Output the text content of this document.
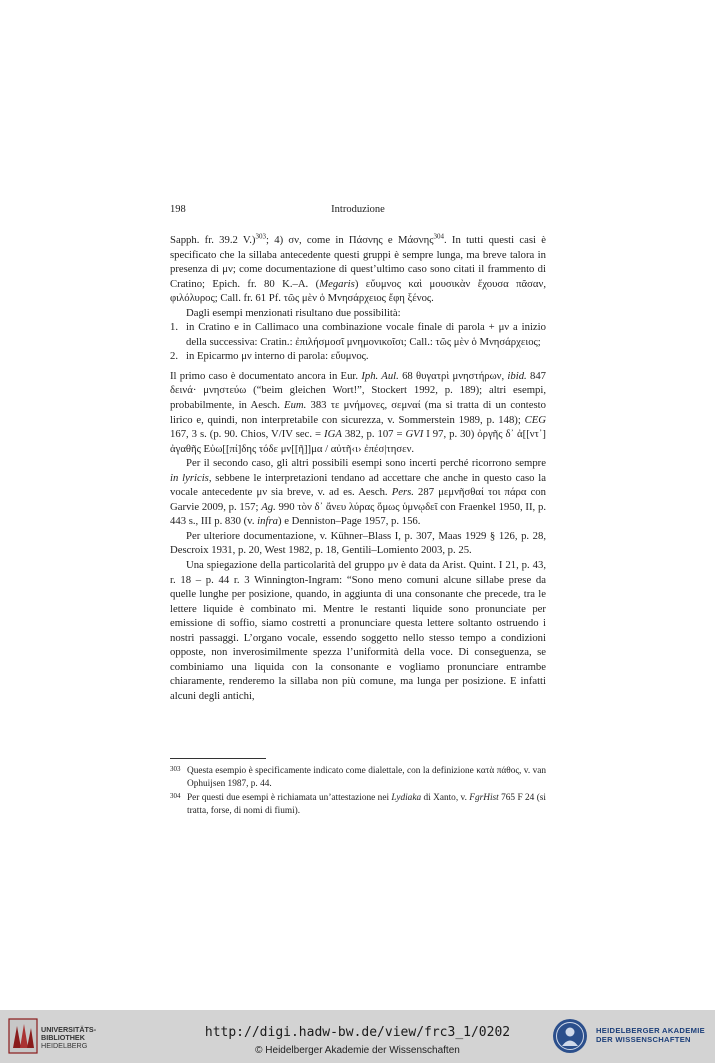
198	Introduzione

Sapph. fr. 39.2 V.)$^{303}$; 4) σν, come in Πάσνης e Μάσνης$^{304}$. In tutti questi casi è specificato che la sillaba antecedente questi gruppi è sempre lunga, ma breve talora in presenza di μν; come documentazione di quest’ultimo caso sono citati il frammento di Cratino; Epich. fr. 80 K.–A. (Megaris) εὔυμνος καὶ μουσικὰν ἔχουσα πᾶσαν, φιλόλυρος; Call. fr. 61 Pf. τῶς μὲν ὁ Μνησάρχειος ἔφη ξένος.

Dagli esempi menzionati risultano due possibilità:

1. in Cratino e in Callimaco una combinazione vocale finale di parola + μν a inizio della successiva: Cratin.: ἐπιλήσμοσῖ μνημονικοῖσι; Call.: τῶς μὲν ὁ Μνησάρχειος;
2. in Epicarmo μν interno di parola: εὔυμνος.

Il primo caso è documentato ancora in Eur. Iph. Aul. 68 θυγατρὶ μνηστήρων, ibid. 847 δεινά· μνηστεύω (“beim gleichen Wort!”, Stockert 1992, p. 189); altri esempi, probabilmente, in Aesch. Eum. 383 τε μνήμονες, σεμναί (ma si tratta di un contesto lirico e, quindi, non interpretabile con sicurezza, v. Sommerstein 1989, p. 148); CEG 167, 3 s. (p. 90. Chios, V/IV sec. = IGA 382, p. 107 = GVI I 97, p. 30) ὀργῆς δ᾽ ἀ[[ντ᾽] ἀγαθῆς Εὐω[[πί]δης τόδε μν[[ῆ]]μα / αὐτῆ‹ι› ἐπέσ|τησεν.

Per il secondo caso, gli altri possibili esempi sono incerti perché ricorrono sempre in lyricis, sebbene le interpretazioni tendano ad accettare che anche in questo caso la vocale antecedente μν sia breve, v. ad es. Aesch. Pers. 287 μεμνῆσθαί τοι πάρα con Garvie 2009, p. 157; Ag. 990 τὸν δ᾽ ἄνευ λύρας ὅμως ὑμνῳδεῖ con Fraenkel 1950, II, p. 443 s., III p. 830 (v. infra) e Denniston–Page 1957, p. 156.

Per ulteriore documentazione, v. Kühner–Blass I, p. 307, Maas 1929 § 126, p. 28, Descroix 1931, p. 20, West 1982, p. 18, Gentili–Lomiento 2003, p. 25.

Una spiegazione della particolarità del gruppo μν è data da Arist. Quint. I 21, p. 43, r. 18 – p. 44 r. 3 Winnington-Ingram: “Sono meno comuni alcune sillabe prese da quelle lunghe per posizione, quando, in aggiunta di una consonante che precede, tra le lettere liquide è combinato mi. Mentre le restanti liquide sono pronunciate per emissione di soffio, siamo costretti a pronunciare questa lettere soltanto ostruendo i nostri passaggi. L’organo vocale, essendo soggetto nello stesso tempo a condizioni opposte, non inverosimilmente spezza l’uniformità della voce. Di conseguenza, se combiniamo una liquida con la consonante e vogliamo pronunciare entrambe chiaramente, renderemo la sillaba non più comune, ma lunga per posizione. E infatti alcuni degli antichi,

303 Questa esempio è specificamente indicato come dialettale, con la definizione κατὰ πάθος, v. van Ophuijsen 1987, p. 44.

304 Per questi due esempi è richiamata un’attestazione nei Lydiaka di Xanto, v. FgrHist 765 F 24 (si tratta, forse, di nomi di fiumi).

UNIVERSITÄTS-
BIBLIOTHEK
HEIDELBERG
http://digi.hadw-bw.de/view/frc3_1/0202
© Heidelberger Akademie der Wissenschaften
HEIDELBERGER AKADEMIE
DER WISSENSCHAFTEN
